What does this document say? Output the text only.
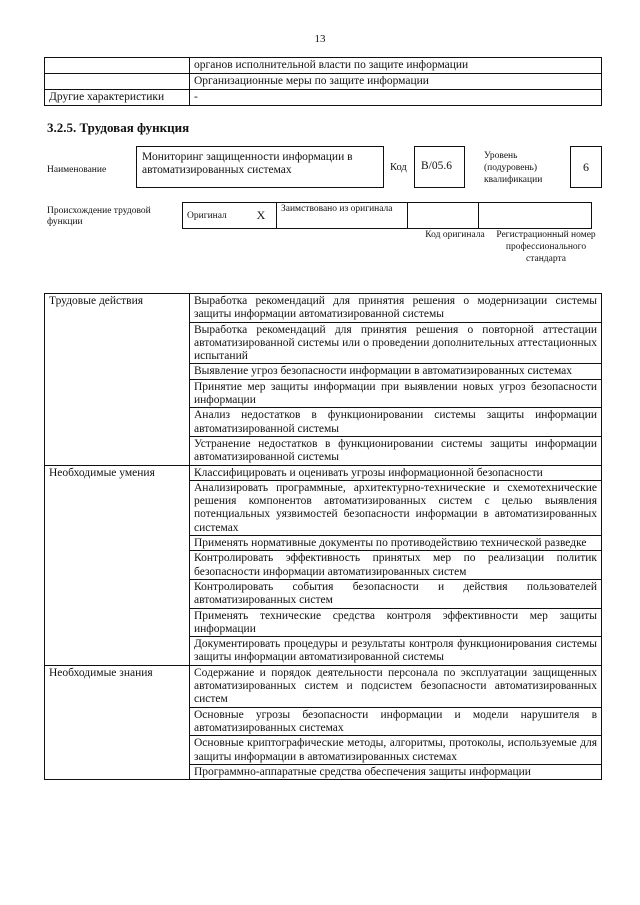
13
	органов исполнительной власти по защите информации
	Организационные меры по защите информации
Другие характеристики	-
3.2.5. Трудовая функция
Наименование
Мониторинг защищенности информации в автоматизированных системах	Код	B/05.6
Уровень (подуровень) квалификации
6
Происхождение трудовой функции
Оригинал	X	Заимствовано из оригинала		
Код оригинала	Регистрационный номер профессионального стандарта
Трудовые действия	Выработка рекомендаций для принятия решения о модернизации системы защиты информации автоматизированной системы
	Выработка рекомендаций для принятия решения о повторной аттестации автоматизированной системы или о проведении дополнительных аттестационных испытаний
	Выявление угроз безопасности информации в автоматизированных системах
	Принятие мер защиты информации при выявлении новых угроз безопасности информации
	Анализ недостатков в функционировании системы защиты информации автоматизированной системы
	Устранение недостатков в функционировании системы защиты информации автоматизированной системы
Необходимые умения	Классифицировать и оценивать угрозы информационной безопасности
	Анализировать программные, архитектурно-технические и схемотехнические решения компонентов автоматизированных систем с целью выявления потенциальных уязвимостей безопасности информации в автоматизированных системах
	Применять нормативные документы по противодействию технической разведке
	Контролировать эффективность принятых мер по реализации политик безопасности информации автоматизированных систем
	Контролировать события безопасности и действия пользователей автоматизированных систем
	Применять технические средства контроля эффективности мер защиты информации
	Документировать процедуры и результаты контроля функционирования системы защиты информации автоматизированной системы
Необходимые знания	Содержание и порядок деятельности персонала по эксплуатации защищенных автоматизированных систем и подсистем безопасности автоматизированных систем
	Основные угрозы безопасности информации и модели нарушителя в автоматизированных системах
	Основные криптографические методы, алгоритмы, протоколы, используемые для защиты информации в автоматизированных системах
	Программно-аппаратные средства обеспечения защиты информации
